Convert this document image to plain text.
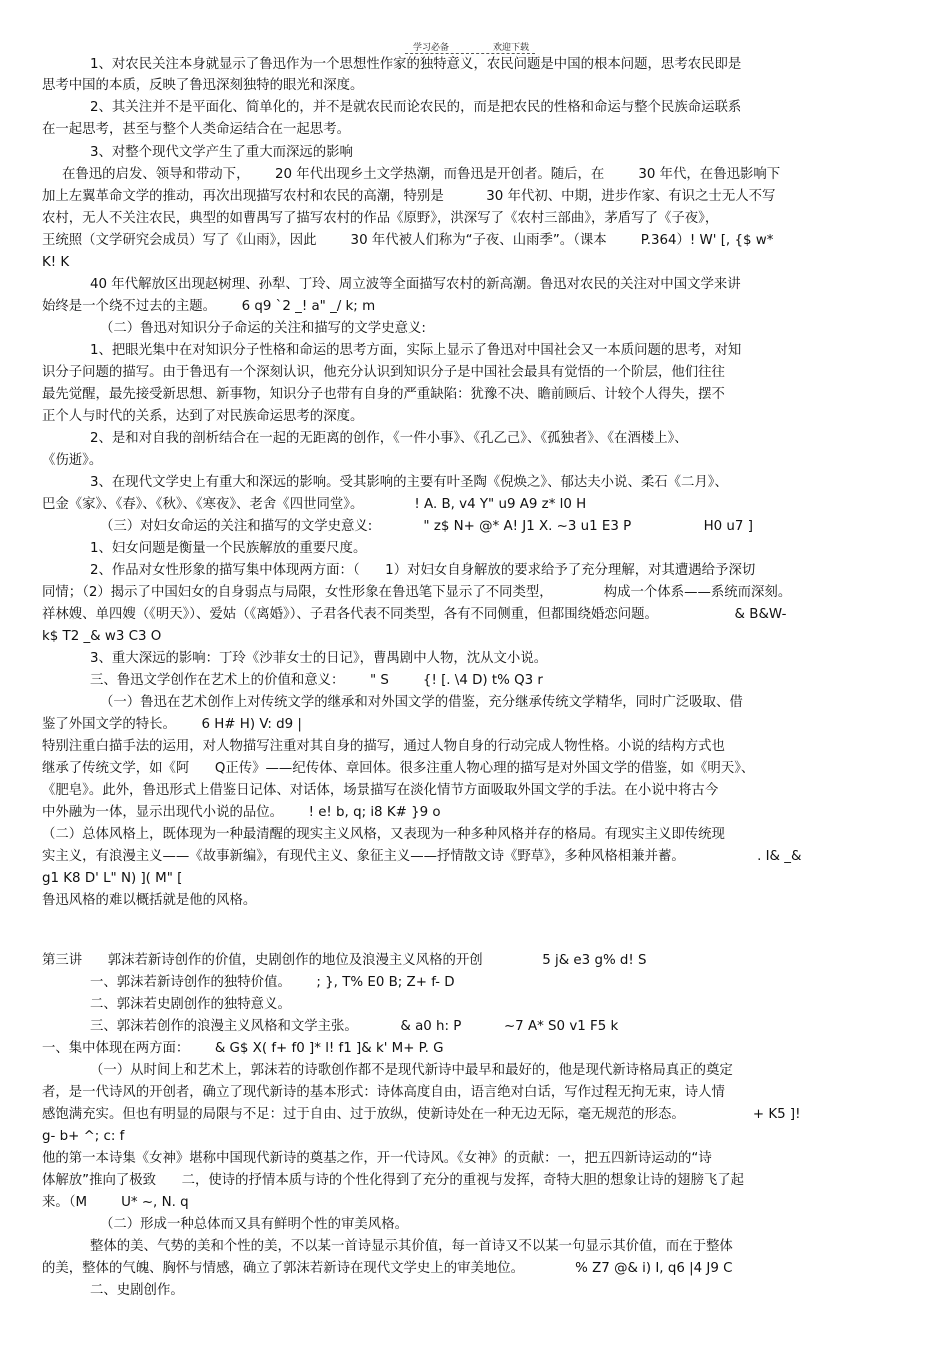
学习必备	欢迎下载
1、对农民关注本身就显示了鲁迅作为一个思想性作家的独特意义，农民问题是中国的根本问题，思考农民即是
思考中国的本质，反映了鲁迅深刻独特的眼光和深度。
2、其关注并不是平面化、简单化的，并不是就农民而论农民的，而是把农民的性格和命运与整个民族命运联系
在一起思考，甚至与整个人类命运结合在一起思考。
3、对整个现代文学产生了重大而深远的影响
在鲁迅的启发、领导和带动下，      20 年代出现乡土文学热潮，而鲁迅是开创者。随后，在        30 年代，在鲁迅影响下
加上左翼革命文学的推动，再次出现描写农村和农民的高潮，特别是          30 年代初、中期，进步作家、有识之士无人不写
农村，无人不关注农民，典型的如曹禺写了描写农村的作品《原野》，洪深写了《农村三部曲》，茅盾写了《子夜》，
王统照（文学研究会成员）写了《山雨》，因此        30 年代被人们称为“子夜、山雨季”。（课本        P.364）! W' [, {$ w*
K! K
40 年代解放区出现赵树理、孙犁、丁玲、周立波等全面描写农村的新高潮。鲁迅对农民的关注对中国文学来讲
始终是一个绕不过去的主题。      6 q9 `2 _! a" _/ k; m
（二）鲁迅对知识分子命运的关注和描写的文学史意义:
1、把眼光集中在对知识分子性格和命运的思考方面，实际上显示了鲁迅对中国社会又一本质问题的思考，对知
识分子问题的描写。由于鲁迅有一个深刻认识，他充分认识到知识分子是中国社会最具有觉悟的一个阶层，他们往往
最先觉醒，最先接受新思想、新事物，知识分子也带有自身的严重缺陷：犹豫不决、瞻前顾后、计较个人得失，摆不
正个人与时代的关系，达到了对民族命运思考的深度。
2、是和对自我的剖析结合在一起的无距离的创作，《一件小事》、《孔乙己》、《孤独者》、《在酒楼上》、
《伤逝》。
3、在现代文学史上有重大和深远的影响。受其影响的主要有叶圣陶《倪焕之》、郁达夫小说、柔石《二月》、
巴金《家》、《春》、《秋》、《寒夜》、老舍《四世同堂》。            ! A. B, v4 Y" u9 A9 z* l0 H
（三）对妇女命运的关注和描写的文学史意义:            " z$ N+ @* A! J1 X. ~3 u1 E3 P                 H0 u7 ]
1、妇女问题是衡量一个民族解放的重要尺度。
2、作品对女性形象的描写集中体现两方面：（      1）对妇女自身解放的要求给予了充分理解，对其遭遇给予深切
同情；（2）揭示了中国妇女的自身弱点与局限，女性形象在鲁迅笔下显示了不同类型，            构成一个体系——系统而深刻。
祥林嫂、单四嫂（《明天》）、爱姑（《离婚》）、子君各代表不同类型，各有不同侧重，但都围绕婚恋问题。                  & B&W-
k$ T2 _& w3 C3 O
3、重大深远的影响：丁玲《沙菲女士的日记》，曹禺剧中人物，沈从文小说。
三、鲁迅文学创作在艺术上的价值和意义：      " S        {! [. \4 D) t% Q3 r
（一）鲁迅在艺术创作上对传统文学的继承和对外国文学的借鉴，充分继承传统文学精华，同时广泛吸取、借
鉴了外国文学的特长。      6 H# H) V: d9 |
特别注重白描手法的运用，对人物描写注重对其自身的描写，通过人物自身的行动完成人物性格。小说的结构方式也
继承了传统文学，如《阿      Q正传》——纪传体、章回体。很多注重人物心理的描写是对外国文学的借鉴，如《明天》、
《肥皂》。此外，鲁迅形式上借鉴日记体、对话体，场景描写在淡化情节方面吸取外国文学的手法。在小说中将古今
中外融为一体，显示出现代小说的品位。      ! e! b, q; i8 K# }9 o
（二）总体风格上，既体现为一种最清醒的现实主义风格，又表现为一种多种风格并存的格局。有现实主义即传统现
实主义，有浪漫主义——《故事新编》，有现代主义、象征主义——抒情散文诗《野草》，多种风格相兼并蓄。                 . I& _&
g1 K8 D' L" N) ]( M" [
鲁迅风格的难以概括就是他的风格。
第三讲      郭沫若新诗创作的价值，史剧创作的地位及浪漫主义风格的开创              5 j& e3 g% d! S
一、郭沫若新诗创作的独特价值。      ; }, T% E0 B; Z+ f- D
二、郭沫若史剧创作的独特意义。
三、郭沫若创作的浪漫主义风格和文学主张。          & a0 h: P          ~7 A* S0 v1 F5 k
一、集中体现在两方面：      & G$ X( f+ f0 ]* l! f1 ]& k' M+ P. G
（一）从时间上和艺术上，郭沫若的诗歌创作都不是现代新诗中最早和最好的，他是现代新诗格局真正的奠定
者，是一代诗风的开创者，确立了现代新诗的基本形式：诗体高度自由，语言绝对白话，写作过程无拘无束，诗人情
感饱满充实。但也有明显的局限与不足：过于自由、过于放纵，使新诗处在一种无边无际，毫无规范的形态。                + K5 ]!
g- b+ ^; c: f
他的第一本诗集《女神》堪称中国现代新诗的奠基之作，开一代诗风。《女神》的贡献：一，把五四新诗运动的“诗
体解放”推向了极致      二，使诗的抒情本质与诗的个性化得到了充分的重视与发挥，奇特大胆的想象让诗的翅膀飞了起
来。（M        U* ~, N. q
（二）形成一种总体而又具有鲜明个性的审美风格。
整体的美、气势的美和个性的美，不以某一首诗显示其价值，每一首诗又不以某一句显示其价值，而在于整体
的美，整体的气魄、胸怀与情感，确立了郭沫若新诗在现代文学史上的审美地位。            % Z7 @& i) I, q6 |4 J9 C
二、史剧创作。
